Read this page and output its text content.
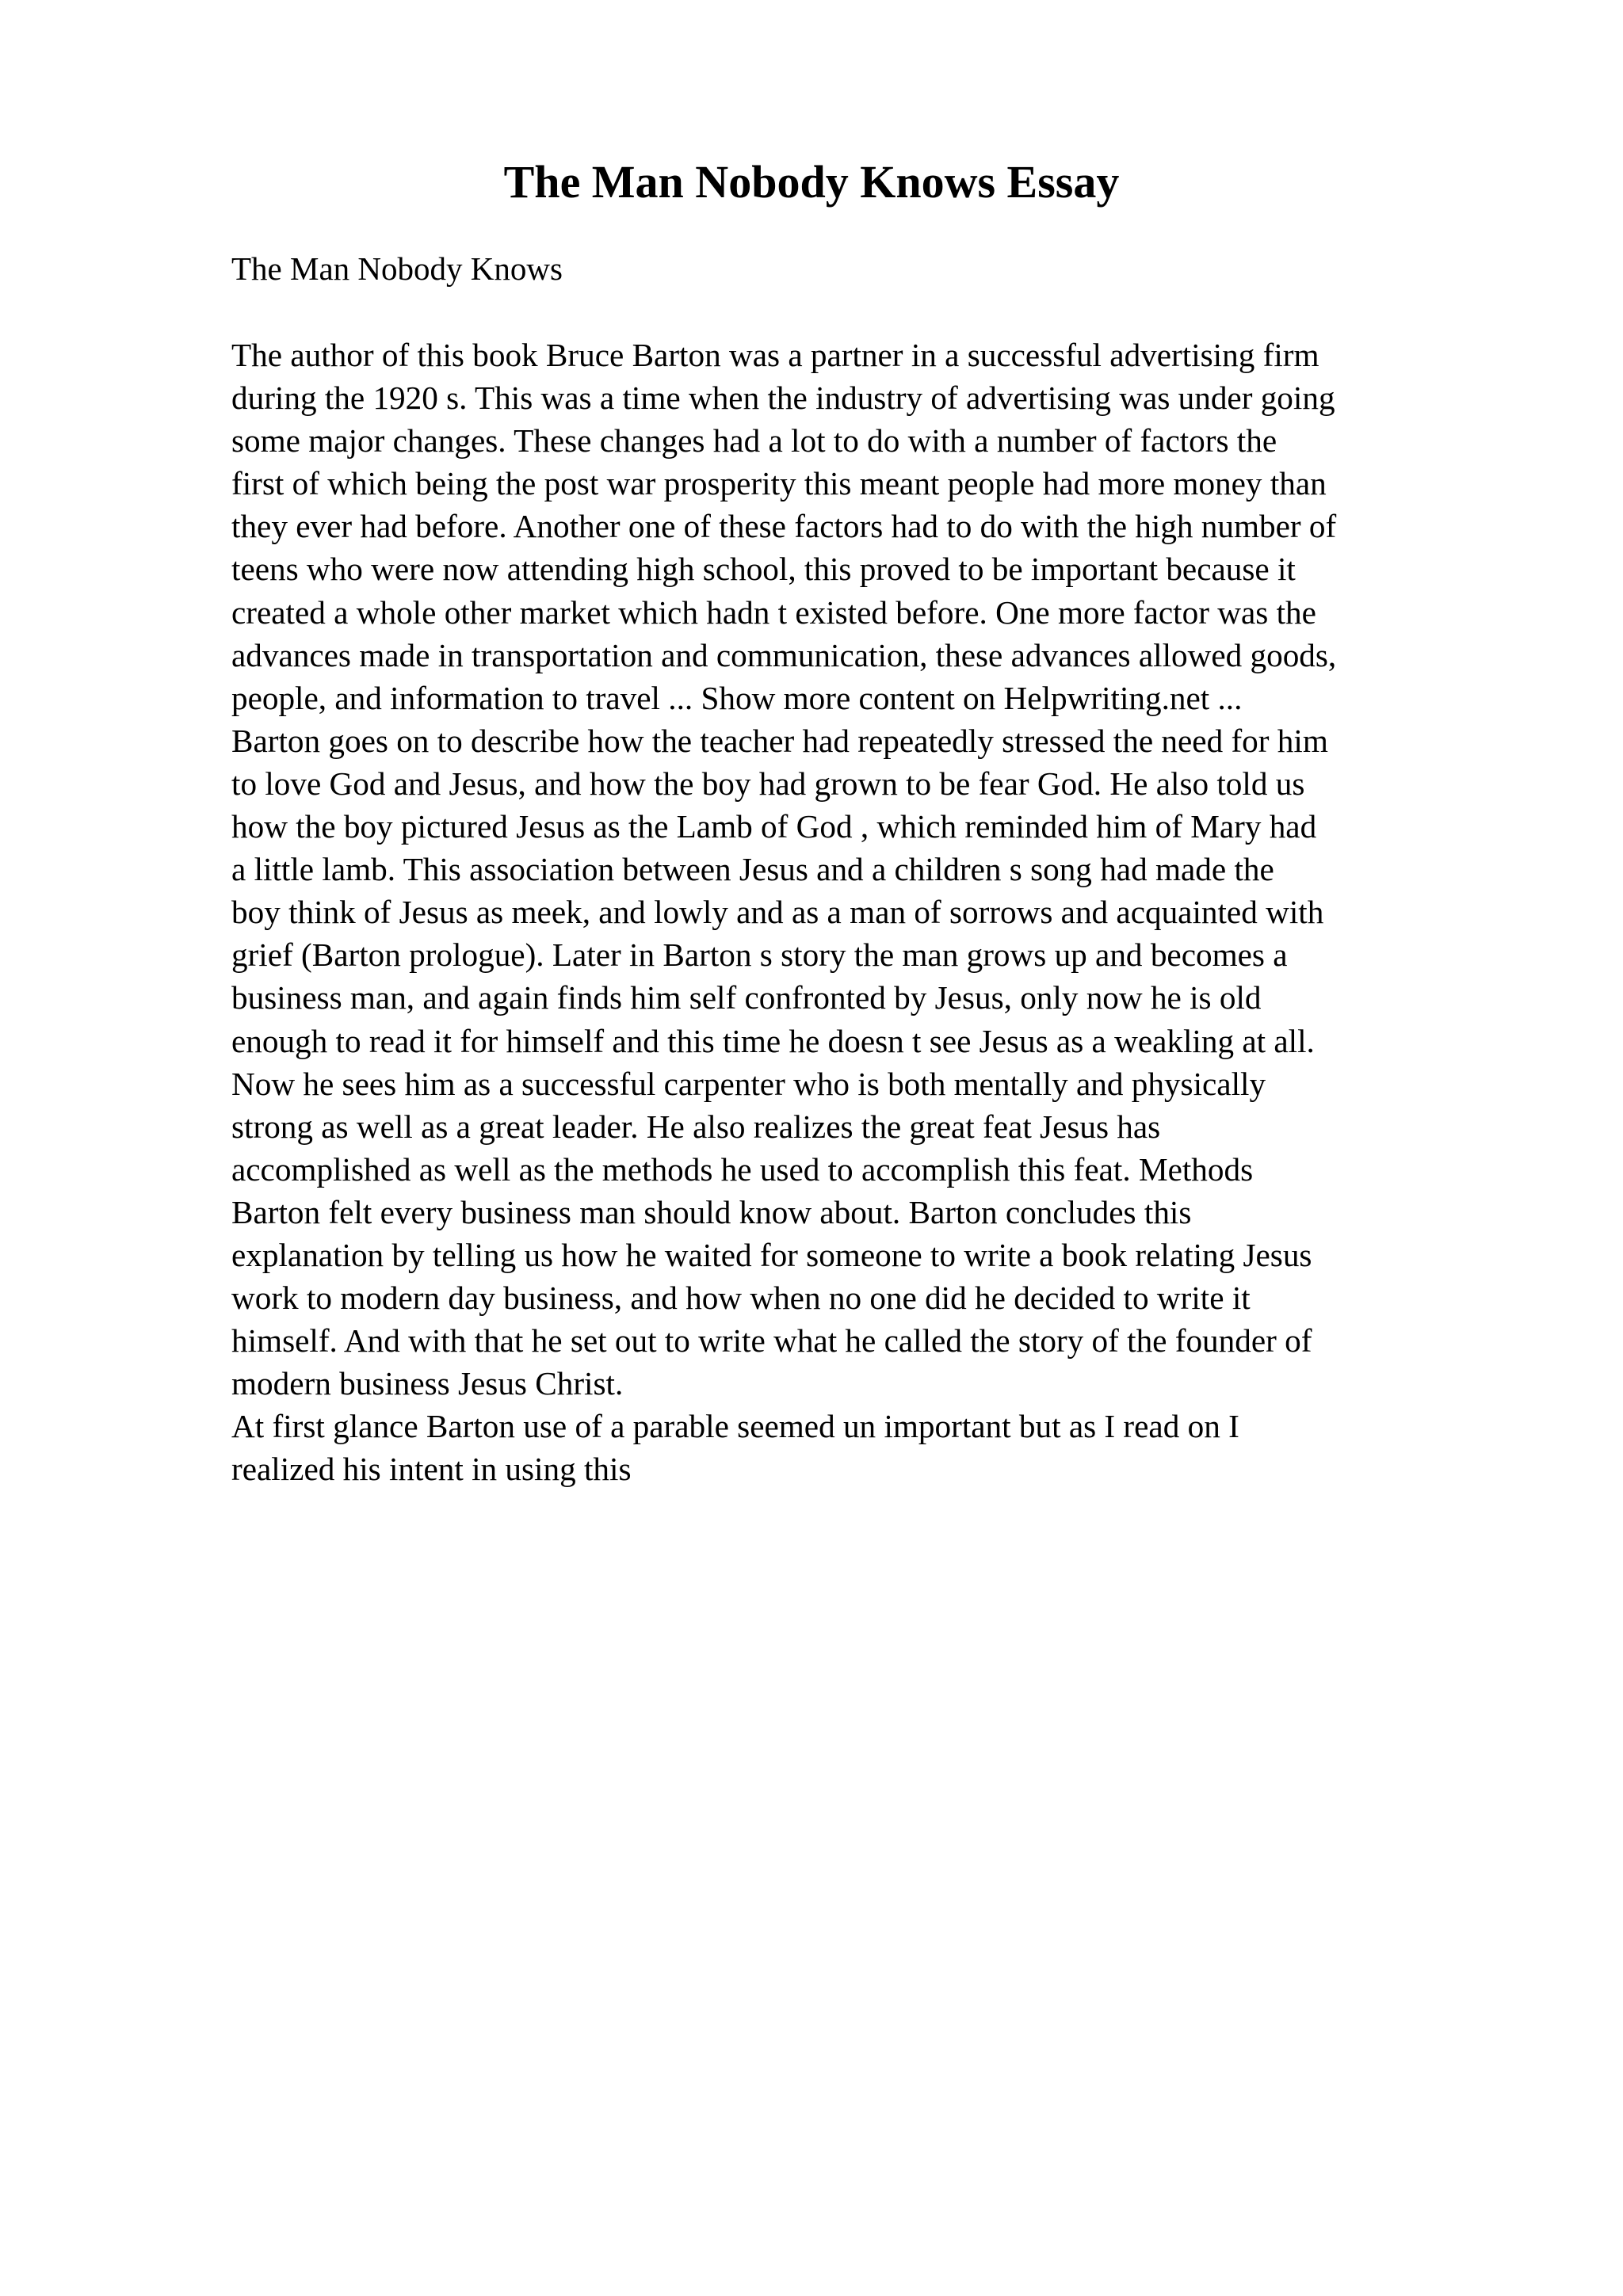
The Man Nobody Knows Essay

The Man Nobody Knows

The author of this book Bruce Barton was a partner in a successful advertising firm
during the 1920 s. This was a time when the industry of advertising was under going
some major changes. These changes had a lot to do with a number of factors the
first of which being the post war prosperity this meant people had more money than
they ever had before. Another one of these factors had to do with the high number of
teens who were now attending high school, this proved to be important because it
created a whole other market which hadn t existed before. One more factor was the
advances made in transportation and communication, these advances allowed goods,
people, and information to travel ... Show more content on Helpwriting.net ...
Barton goes on to describe how the teacher had repeatedly stressed the need for him
to love God and Jesus, and how the boy had grown to be fear God. He also told us
how the boy pictured Jesus as the Lamb of God , which reminded him of Mary had
a little lamb. This association between Jesus and a children s song had made the
boy think of Jesus as meek, and lowly and as a man of sorrows and acquainted with
grief (Barton prologue). Later in Barton s story the man grows up and becomes a
business man, and again finds him self confronted by Jesus, only now he is old
enough to read it for himself and this time he doesn t see Jesus as a weakling at all.
Now he sees him as a successful carpenter who is both mentally and physically
strong as well as a great leader. He also realizes the great feat Jesus has
accomplished as well as the methods he used to accomplish this feat. Methods
Barton felt every business man should know about. Barton concludes this
explanation by telling us how he waited for someone to write a book relating Jesus
work to modern day business, and how when no one did he decided to write it
himself. And with that he set out to write what he called the story of the founder of
modern business Jesus Christ.
At first glance Barton use of a parable seemed un important but as I read on I
realized his intent in using this
